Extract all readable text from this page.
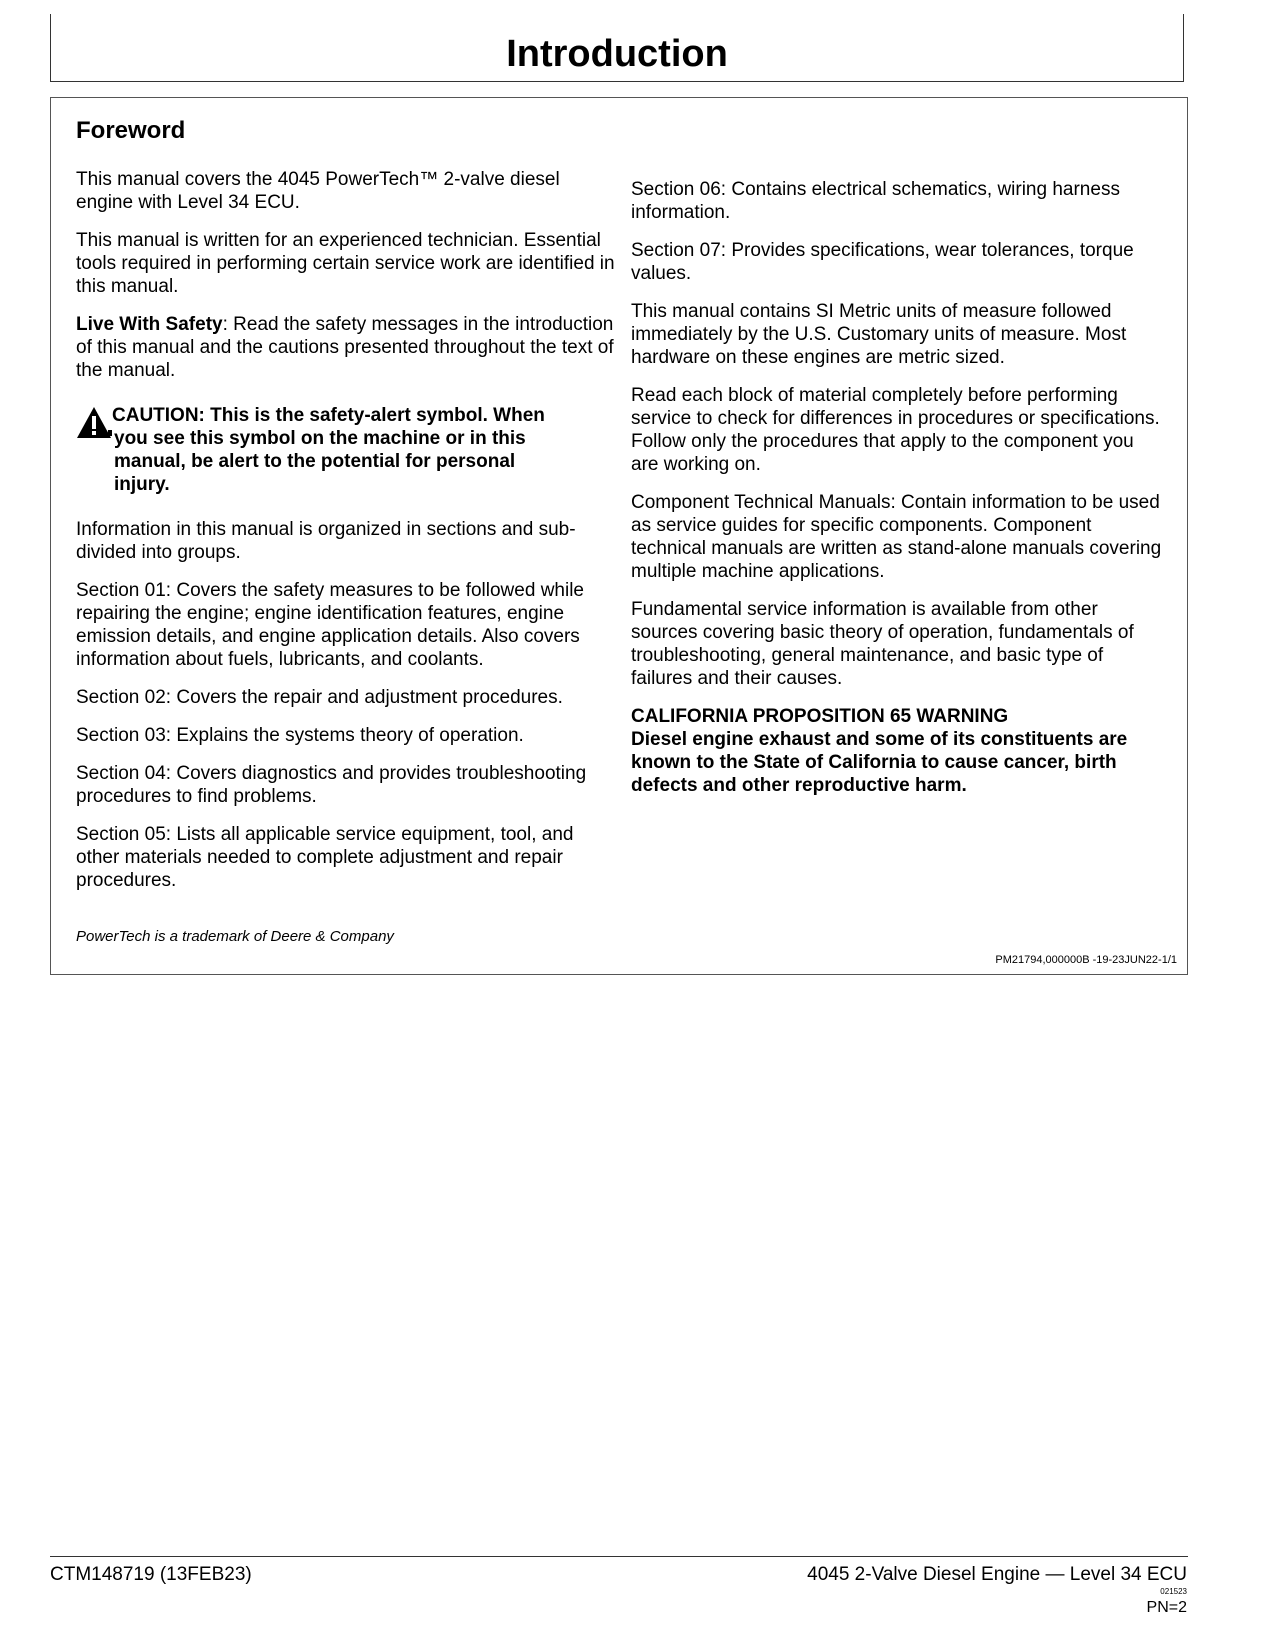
Introduction
Foreword

This manual covers the 4045 PowerTech™ 2-valve diesel engine with Level 34 ECU.

This manual is written for an experienced technician. Essential tools required in performing certain service work are identified in this manual.

Live With Safety: Read the safety messages in the introduction of this manual and the cautions presented throughout the text of the manual.

CAUTION: This is the safety-alert symbol. When you see this symbol on the machine or in this manual, be alert to the potential for personal injury.

Information in this manual is organized in sections and sub-divided into groups.

Section 01: Covers the safety measures to be followed while repairing the engine; engine identification features, engine emission details, and engine application details. Also covers information about fuels, lubricants, and coolants.

Section 02: Covers the repair and adjustment procedures.

Section 03: Explains the systems theory of operation.

Section 04: Covers diagnostics and provides troubleshooting procedures to find problems.

Section 05: Lists all applicable service equipment, tool, and other materials needed to complete adjustment and repair procedures.

Section 06: Contains electrical schematics, wiring harness information.

Section 07: Provides specifications, wear tolerances, torque values.

This manual contains SI Metric units of measure followed immediately by the U.S. Customary units of measure. Most hardware on these engines are metric sized.

Read each block of material completely before performing service to check for differences in procedures or specifications. Follow only the procedures that apply to the component you are working on.

Component Technical Manuals: Contain information to be used as service guides for specific components. Component technical manuals are written as stand-alone manuals covering multiple machine applications.

Fundamental service information is available from other sources covering basic theory of operation, fundamentals of troubleshooting, general maintenance, and basic type of failures and their causes.

CALIFORNIA PROPOSITION 65 WARNING

Diesel engine exhaust and some of its constituents are known to the State of California to cause cancer, birth defects and other reproductive harm.

PowerTech is a trademark of Deere & Company
PM21794,000000B -19-23JUN22-1/1
CTM148719 (13FEB23)	4045 2-Valve Diesel Engine — Level 34 ECU
021523
PN=2
